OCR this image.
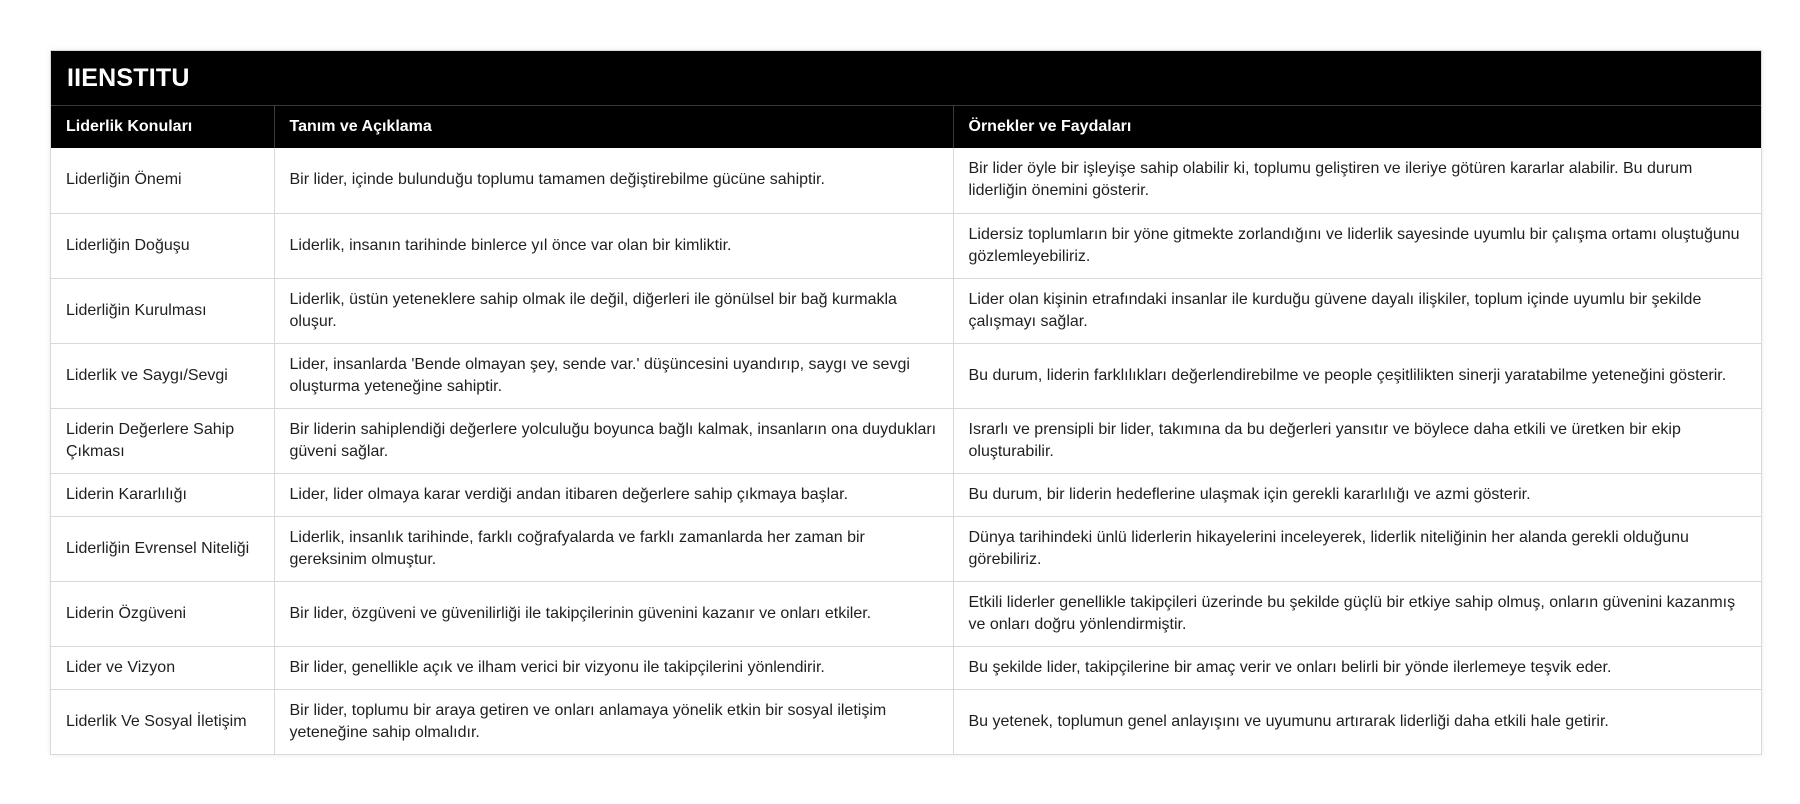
IIENSTITU
Liderlik Konuları	Tanım ve Açıklama	Örnekler ve Faydaları
Liderliğin Önemi	Bir lider, içinde bulunduğu toplumu tamamen değiştirebilme gücüne sahiptir.	Bir lider öyle bir işleyişe sahip olabilir ki, toplumu geliştiren ve ileriye götüren kararlar alabilir. Bu durum liderliğin önemini gösterir.
Liderliğin Doğuşu	Liderlik, insanın tarihinde binlerce yıl önce var olan bir kimliktir.	Lidersiz toplumların bir yöne gitmekte zorlandığını ve liderlik sayesinde uyumlu bir çalışma ortamı oluştuğunu gözlemleyebiliriz.
Liderliğin Kurulması	Liderlik, üstün yeteneklere sahip olmak ile değil, diğerleri ile gönülsel bir bağ kurmakla oluşur.	Lider olan kişinin etrafındaki insanlar ile kurduğu güvene dayalı ilişkiler, toplum içinde uyumlu bir şekilde çalışmayı sağlar.
Liderlik ve Saygı/Sevgi	Lider, insanlarda 'Bende olmayan şey, sende var.' düşüncesini uyandırıp, saygı ve sevgi oluşturma yeteneğine sahiptir.	Bu durum, liderin farklılıkları değerlendirebilme ve people çeşitlilikten sinerji yaratabilme yeteneğini gösterir.
Liderin Değerlere Sahip Çıkması	Bir liderin sahiplendiği değerlere yolculuğu boyunca bağlı kalmak, insanların ona duydukları güveni sağlar.	Israrlı ve prensipli bir lider, takımına da bu değerleri yansıtır ve böylece daha etkili ve üretken bir ekip oluşturabilir.
Liderin Kararlılığı	Lider, lider olmaya karar verdiği andan itibaren değerlere sahip çıkmaya başlar.	Bu durum, bir liderin hedeflerine ulaşmak için gerekli kararlılığı ve azmi gösterir.
Liderliğin Evrensel Niteliği	Liderlik, insanlık tarihinde, farklı coğrafyalarda ve farklı zamanlarda her zaman bir gereksinim olmuştur.	Dünya tarihindeki ünlü liderlerin hikayelerini inceleyerek, liderlik niteliğinin her alanda gerekli olduğunu görebiliriz.
Liderin Özgüveni	Bir lider, özgüveni ve güvenilirliği ile takipçilerinin güvenini kazanır ve onları etkiler.	Etkili liderler genellikle takipçileri üzerinde bu şekilde güçlü bir etkiye sahip olmuş, onların güvenini kazanmış ve onları doğru yönlendirmiştir.
Lider ve Vizyon	Bir lider, genellikle açık ve ilham verici bir vizyonu ile takipçilerini yönlendirir.	Bu şekilde lider, takipçilerine bir amaç verir ve onları belirli bir yönde ilerlemeye teşvik eder.
Liderlik Ve Sosyal İletişim	Bir lider, toplumu bir araya getiren ve onları anlamaya yönelik etkin bir sosyal iletişim yeteneğine sahip olmalıdır.	Bu yetenek, toplumun genel anlayışını ve uyumunu artırarak liderliği daha etkili hale getirir.
